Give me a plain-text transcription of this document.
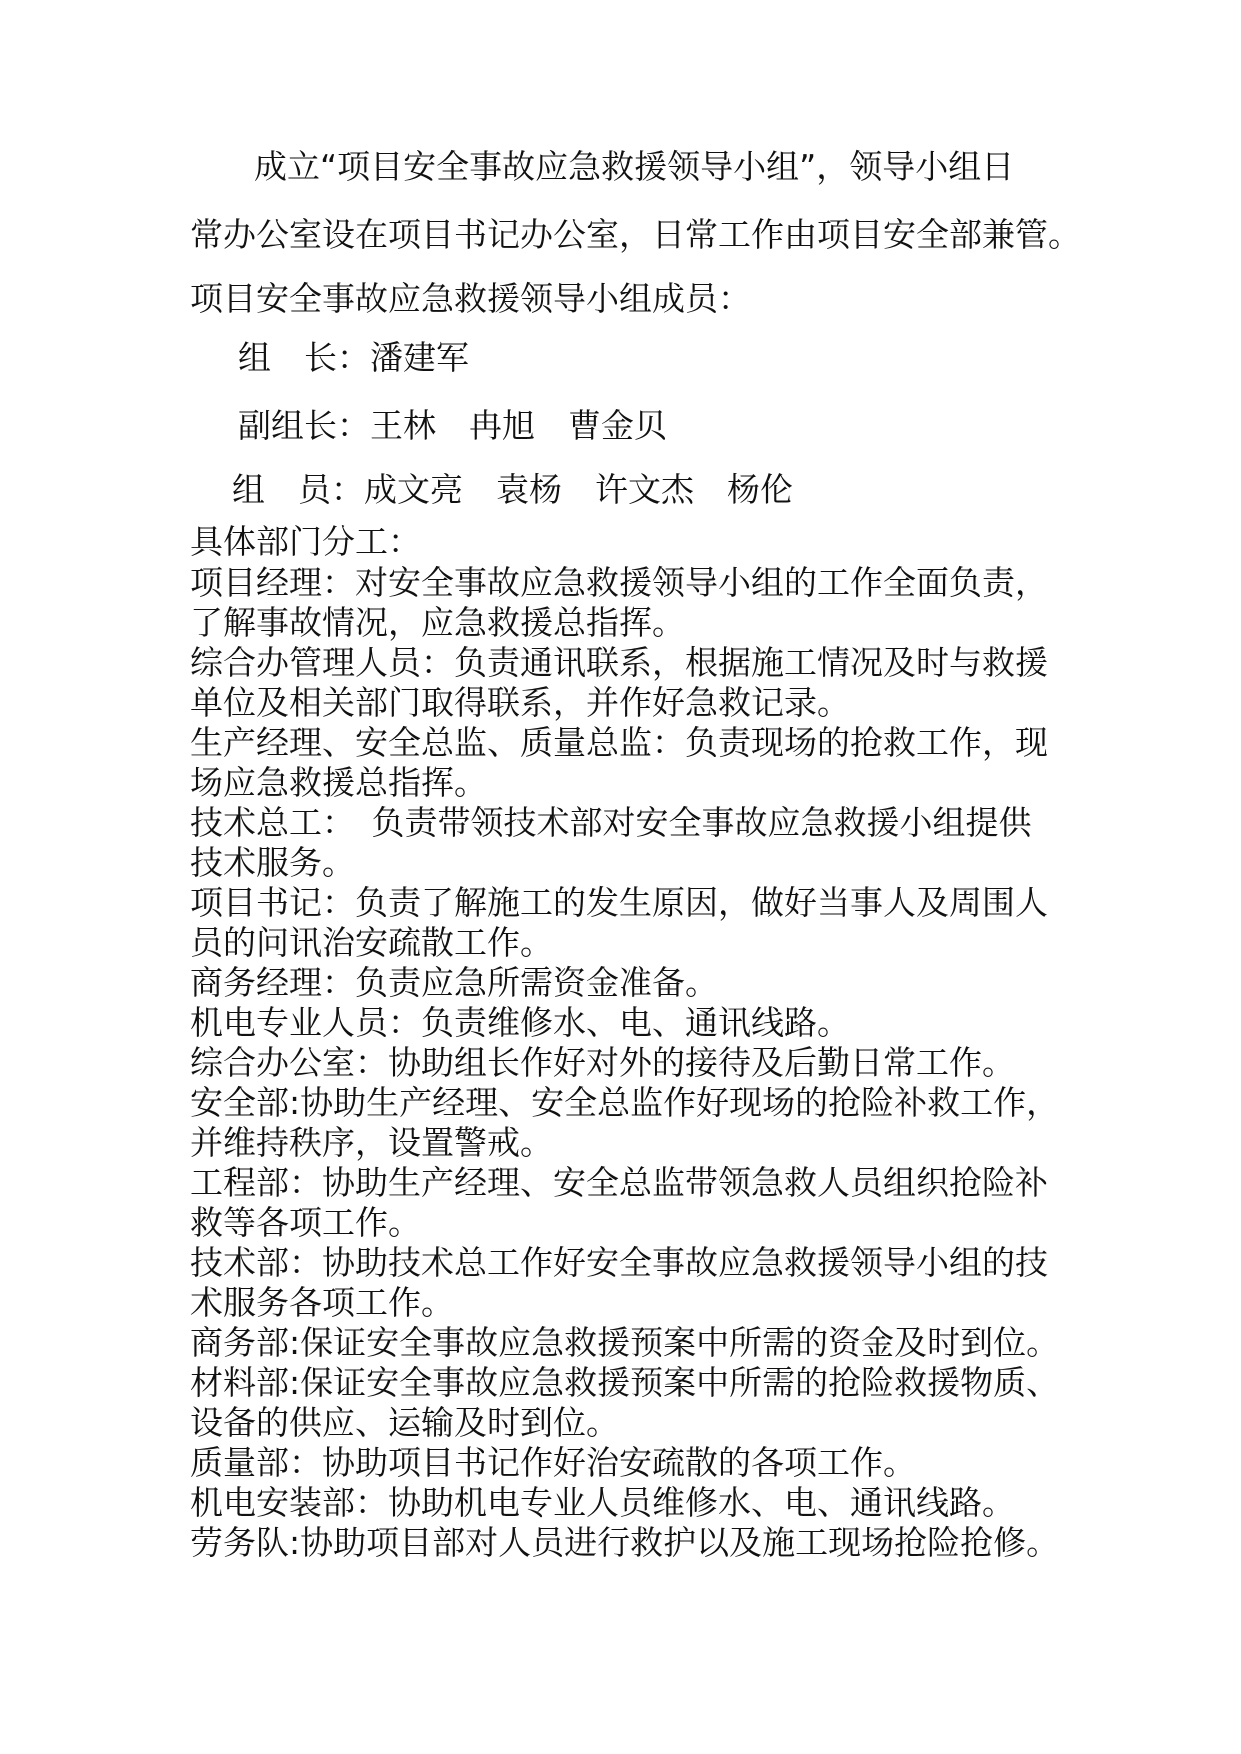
成立“项目安全事故应急救援领导小组”，领导小组日
常办公室设在项目书记办公室，日常工作由项目安全部兼管。
项目安全事故应急救援领导小组成员：
组　长：潘建军
副组长：王林　冉旭　曹金贝
组　员：成文亮　袁杨　许文杰　杨伦
具体部门分工：
项目经理：对安全事故应急救援领导小组的工作全面负责，
了解事故情况，应急救援总指挥。
综合办管理人员：负责通讯联系，根据施工情况及时与救援
单位及相关部门取得联系，并作好急救记录。
生产经理、安全总监、质量总监：负责现场的抢救工作，现
场应急救援总指挥。
技术总工：　负责带领技术部对安全事故应急救援小组提供
技术服务。
项目书记：负责了解施工的发生原因，做好当事人及周围人
员的问讯治安疏散工作。
商务经理：负责应急所需资金准备。
机电专业人员：负责维修水、电、通讯线路。
综合办公室：协助组长作好对外的接待及后勤日常工作。
安全部:协助生产经理、安全总监作好现场的抢险补救工作，
并维持秩序，设置警戒。
工程部：协助生产经理、安全总监带领急救人员组织抢险补
救等各项工作。
技术部：协助技术总工作好安全事故应急救援领导小组的技
术服务各项工作。
商务部:保证安全事故应急救援预案中所需的资金及时到位。
材料部:保证安全事故应急救援预案中所需的抢险救援物质、
设备的供应、运输及时到位。
质量部：协助项目书记作好治安疏散的各项工作。
机电安装部：协助机电专业人员维修水、电、通讯线路。
劳务队:协助项目部对人员进行救护以及施工现场抢险抢修。
